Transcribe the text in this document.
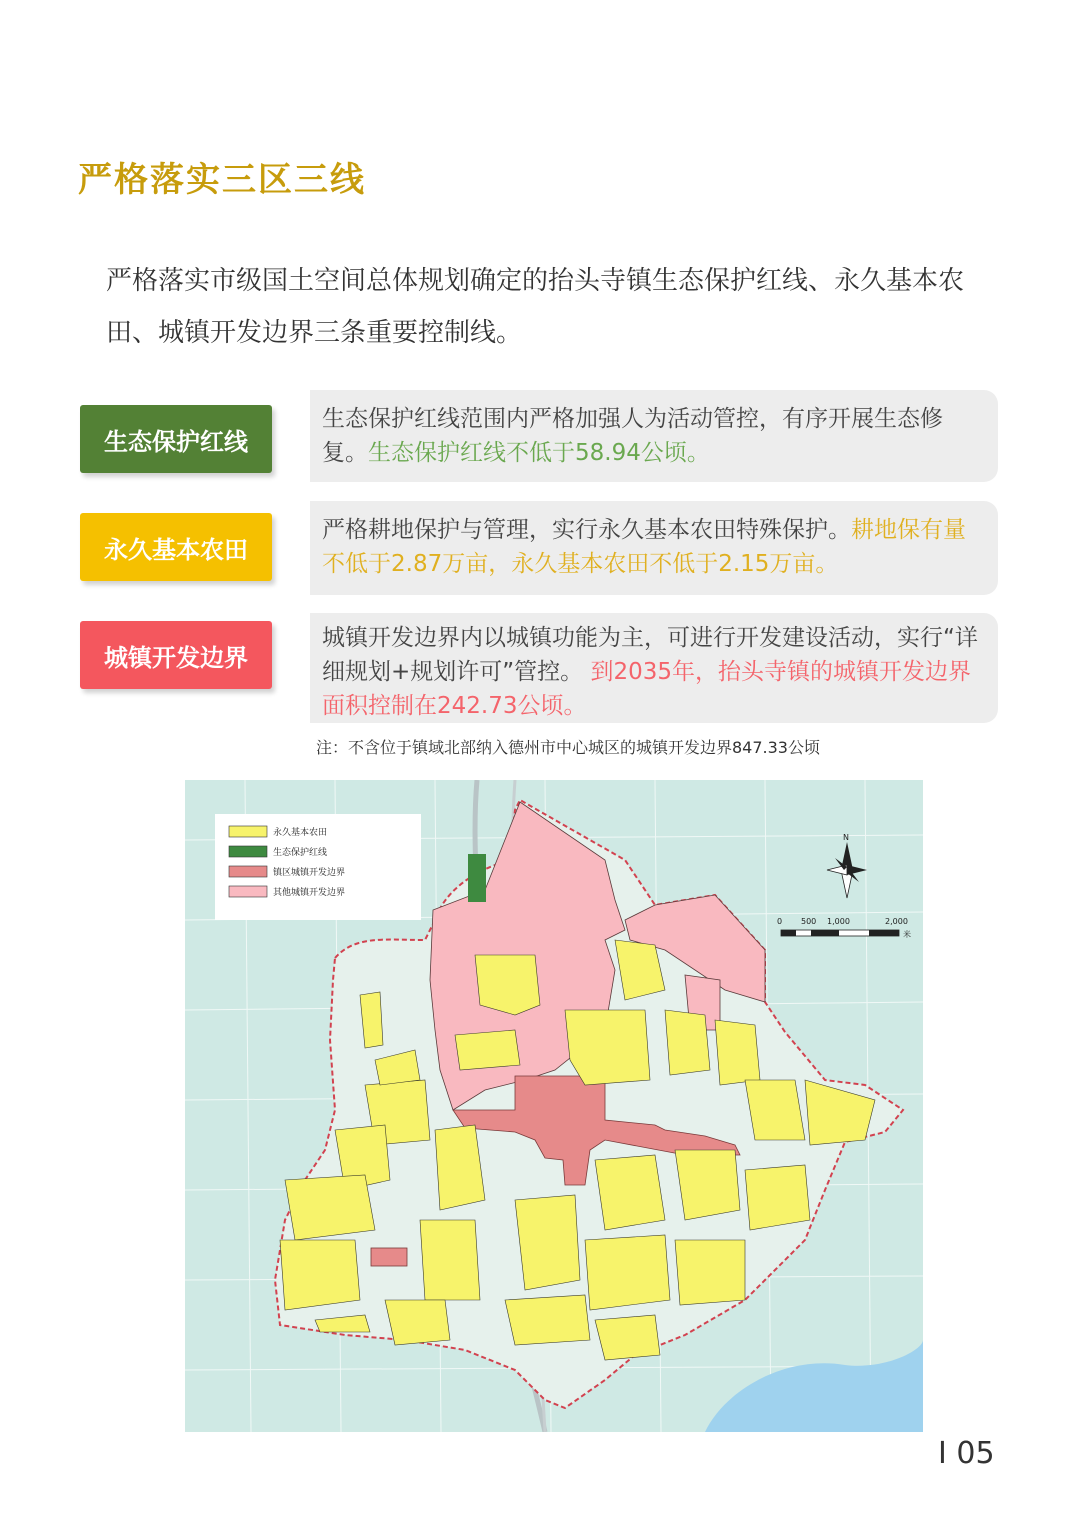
严格落实三区三线
严格落实市级国土空间总体规划确定的抬头寺镇生态保护红线、永久基本农田、城镇开发边界三条重要控制线。
生态保护红线
生态保护红线范围内严格加强人为活动管控，有序开展生态修复。生态保护红线不低于58.94公顷。
永久基本农田
严格耕地保护与管理，实行永久基本农田特殊保护。耕地保有量不低于2.87万亩，永久基本农田不低于2.15万亩。
城镇开发边界
城镇开发边界内以城镇功能为主，可进行开发建设活动，实行“详细规划+规划许可”管控。 到2035年，抬头寺镇的城镇开发边界面积控制在242.73公顷。
注：不含位于镇域北部纳入德州市中心城区的城镇开发边界847.33公顷
永久基本农田
生态保护红线
镇区城镇开发边界
其他城镇开发边界
N
0 500 1,000	2,000
米
I 05
